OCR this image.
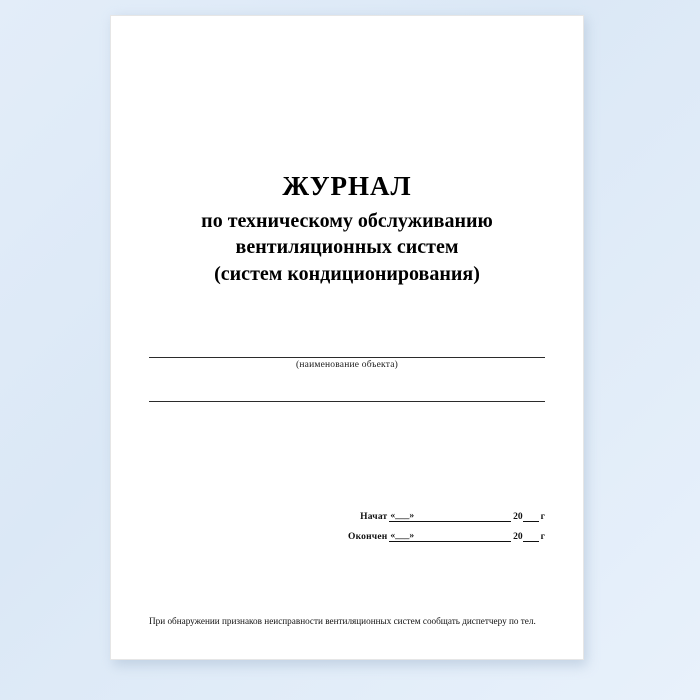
ЖУРНАЛ
по техническому обслуживанию
вентиляционных систем
(систем кондиционирования)
(наименование объекта)
Начат «___»	20 г
Окончен «___»	20 г
При обнаружении признаков неисправности вентиляционных систем сообщать диспетчеру по тел.
